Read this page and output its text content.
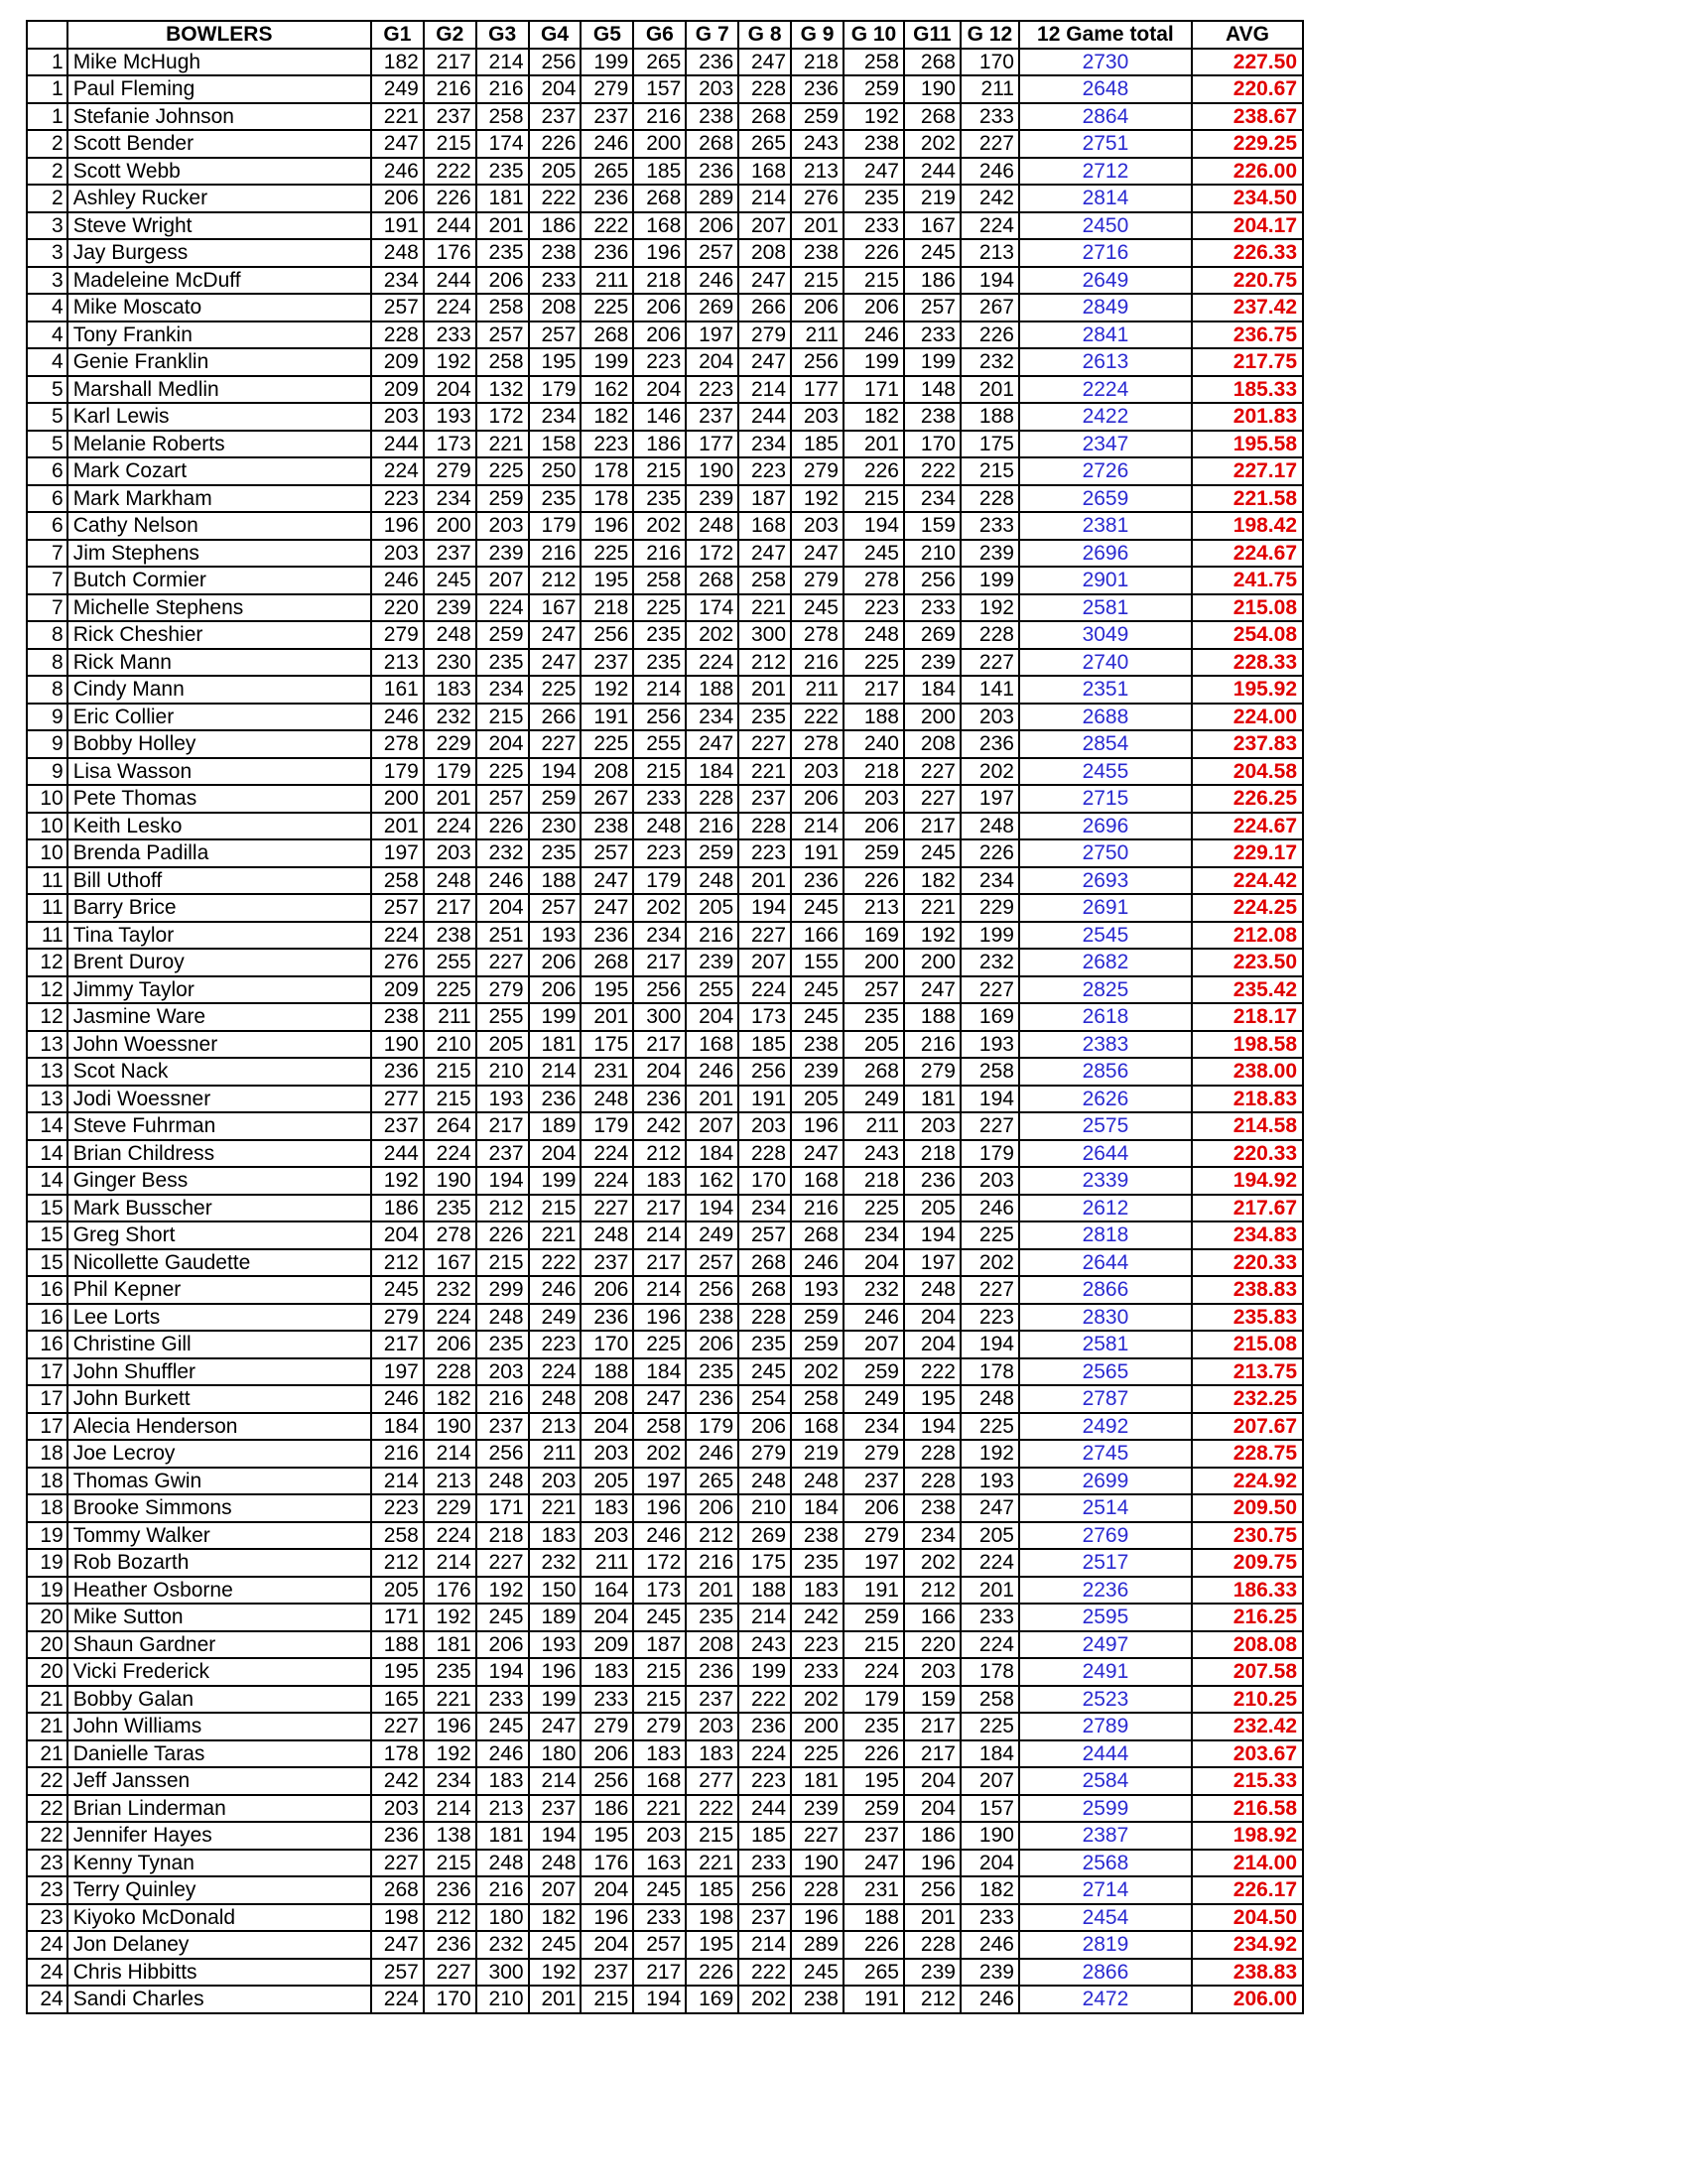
	BOWLERS	G1	G2	G3	G4	G5	G6	G 7	G 8	G 9	G 10	G11	G 12	12 Game total	AVG
1	Mike McHugh	182	217	214	256	199	265	236	247	218	258	268	170	2730	227.50
1	Paul Fleming	249	216	216	204	279	157	203	228	236	259	190	211	2648	220.67
1	Stefanie Johnson	221	237	258	237	237	216	238	268	259	192	268	233	2864	238.67
2	Scott Bender	247	215	174	226	246	200	268	265	243	238	202	227	2751	229.25
2	Scott Webb	246	222	235	205	265	185	236	168	213	247	244	246	2712	226.00
2	Ashley Rucker	206	226	181	222	236	268	289	214	276	235	219	242	2814	234.50
3	Steve Wright	191	244	201	186	222	168	206	207	201	233	167	224	2450	204.17
3	Jay Burgess	248	176	235	238	236	196	257	208	238	226	245	213	2716	226.33
3	Madeleine McDuff	234	244	206	233	211	218	246	247	215	215	186	194	2649	220.75
4	Mike Moscato	257	224	258	208	225	206	269	266	206	206	257	267	2849	237.42
4	Tony Frankin	228	233	257	257	268	206	197	279	211	246	233	226	2841	236.75
4	Genie Franklin	209	192	258	195	199	223	204	247	256	199	199	232	2613	217.75
5	Marshall Medlin	209	204	132	179	162	204	223	214	177	171	148	201	2224	185.33
5	Karl Lewis	203	193	172	234	182	146	237	244	203	182	238	188	2422	201.83
5	Melanie Roberts	244	173	221	158	223	186	177	234	185	201	170	175	2347	195.58
6	Mark Cozart	224	279	225	250	178	215	190	223	279	226	222	215	2726	227.17
6	Mark Markham	223	234	259	235	178	235	239	187	192	215	234	228	2659	221.58
6	Cathy Nelson	196	200	203	179	196	202	248	168	203	194	159	233	2381	198.42
7	Jim Stephens	203	237	239	216	225	216	172	247	247	245	210	239	2696	224.67
7	Butch Cormier	246	245	207	212	195	258	268	258	279	278	256	199	2901	241.75
7	Michelle Stephens	220	239	224	167	218	225	174	221	245	223	233	192	2581	215.08
8	Rick Cheshier	279	248	259	247	256	235	202	300	278	248	269	228	3049	254.08
8	Rick Mann	213	230	235	247	237	235	224	212	216	225	239	227	2740	228.33
8	Cindy Mann	161	183	234	225	192	214	188	201	211	217	184	141	2351	195.92
9	Eric Collier	246	232	215	266	191	256	234	235	222	188	200	203	2688	224.00
9	Bobby Holley	278	229	204	227	225	255	247	227	278	240	208	236	2854	237.83
9	Lisa Wasson	179	179	225	194	208	215	184	221	203	218	227	202	2455	204.58
10	Pete Thomas	200	201	257	259	267	233	228	237	206	203	227	197	2715	226.25
10	Keith Lesko	201	224	226	230	238	248	216	228	214	206	217	248	2696	224.67
10	Brenda Padilla	197	203	232	235	257	223	259	223	191	259	245	226	2750	229.17
11	Bill Uthoff	258	248	246	188	247	179	248	201	236	226	182	234	2693	224.42
11	Barry Brice	257	217	204	257	247	202	205	194	245	213	221	229	2691	224.25
11	Tina Taylor	224	238	251	193	236	234	216	227	166	169	192	199	2545	212.08
12	Brent Duroy	276	255	227	206	268	217	239	207	155	200	200	232	2682	223.50
12	Jimmy Taylor	209	225	279	206	195	256	255	224	245	257	247	227	2825	235.42
12	Jasmine Ware	238	211	255	199	201	300	204	173	245	235	188	169	2618	218.17
13	John Woessner	190	210	205	181	175	217	168	185	238	205	216	193	2383	198.58
13	Scot Nack	236	215	210	214	231	204	246	256	239	268	279	258	2856	238.00
13	Jodi Woessner	277	215	193	236	248	236	201	191	205	249	181	194	2626	218.83
14	Steve Fuhrman	237	264	217	189	179	242	207	203	196	211	203	227	2575	214.58
14	Brian Childress	244	224	237	204	224	212	184	228	247	243	218	179	2644	220.33
14	Ginger Bess	192	190	194	199	224	183	162	170	168	218	236	203	2339	194.92
15	Mark Busscher	186	235	212	215	227	217	194	234	216	225	205	246	2612	217.67
15	Greg Short	204	278	226	221	248	214	249	257	268	234	194	225	2818	234.83
15	Nicollette Gaudette	212	167	215	222	237	217	257	268	246	204	197	202	2644	220.33
16	Phil Kepner	245	232	299	246	206	214	256	268	193	232	248	227	2866	238.83
16	Lee Lorts	279	224	248	249	236	196	238	228	259	246	204	223	2830	235.83
16	Christine Gill	217	206	235	223	170	225	206	235	259	207	204	194	2581	215.08
17	John Shuffler	197	228	203	224	188	184	235	245	202	259	222	178	2565	213.75
17	John Burkett	246	182	216	248	208	247	236	254	258	249	195	248	2787	232.25
17	Alecia Henderson	184	190	237	213	204	258	179	206	168	234	194	225	2492	207.67
18	Joe Lecroy	216	214	256	211	203	202	246	279	219	279	228	192	2745	228.75
18	Thomas Gwin	214	213	248	203	205	197	265	248	248	237	228	193	2699	224.92
18	Brooke Simmons	223	229	171	221	183	196	206	210	184	206	238	247	2514	209.50
19	Tommy Walker	258	224	218	183	203	246	212	269	238	279	234	205	2769	230.75
19	Rob Bozarth	212	214	227	232	211	172	216	175	235	197	202	224	2517	209.75
19	Heather Osborne	205	176	192	150	164	173	201	188	183	191	212	201	2236	186.33
20	Mike Sutton	171	192	245	189	204	245	235	214	242	259	166	233	2595	216.25
20	Shaun Gardner	188	181	206	193	209	187	208	243	223	215	220	224	2497	208.08
20	Vicki Frederick	195	235	194	196	183	215	236	199	233	224	203	178	2491	207.58
21	Bobby Galan	165	221	233	199	233	215	237	222	202	179	159	258	2523	210.25
21	John Williams	227	196	245	247	279	279	203	236	200	235	217	225	2789	232.42
21	Danielle Taras	178	192	246	180	206	183	183	224	225	226	217	184	2444	203.67
22	Jeff Janssen	242	234	183	214	256	168	277	223	181	195	204	207	2584	215.33
22	Brian Linderman	203	214	213	237	186	221	222	244	239	259	204	157	2599	216.58
22	Jennifer Hayes	236	138	181	194	195	203	215	185	227	237	186	190	2387	198.92
23	Kenny Tynan	227	215	248	248	176	163	221	233	190	247	196	204	2568	214.00
23	Terry Quinley	268	236	216	207	204	245	185	256	228	231	256	182	2714	226.17
23	Kiyoko McDonald	198	212	180	182	196	233	198	237	196	188	201	233	2454	204.50
24	Jon Delaney	247	236	232	245	204	257	195	214	289	226	228	246	2819	234.92
24	Chris Hibbitts	257	227	300	192	237	217	226	222	245	265	239	239	2866	238.83
24	Sandi Charles	224	170	210	201	215	194	169	202	238	191	212	246	2472	206.00
